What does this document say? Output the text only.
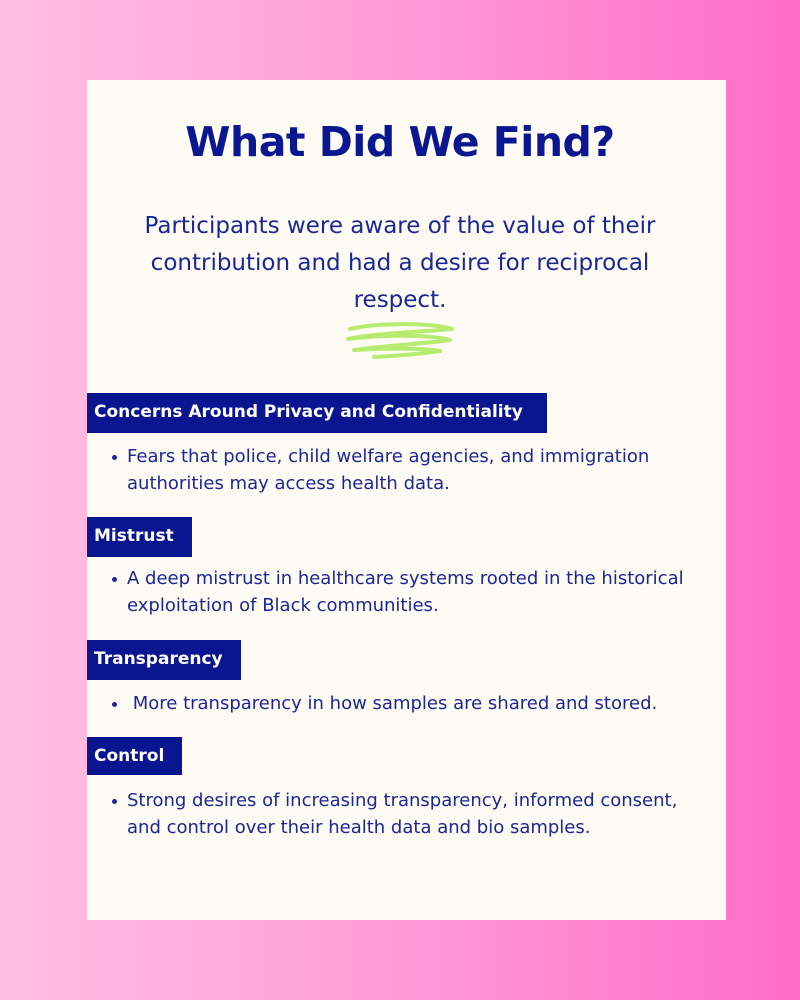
What Did We Find?

Participants were aware of the value of their contribution and had a desire for reciprocal respect.

Concerns Around Privacy and Confidentiality
Fears that police, child welfare agencies, and immigration authorities may access health data.
Mistrust
A deep mistrust in healthcare systems rooted in the historical exploitation of Black communities.
Transparency
More transparency in how samples are shared and stored.
Control
Strong desires of increasing transparency, informed consent, and control over their health data and bio samples.
